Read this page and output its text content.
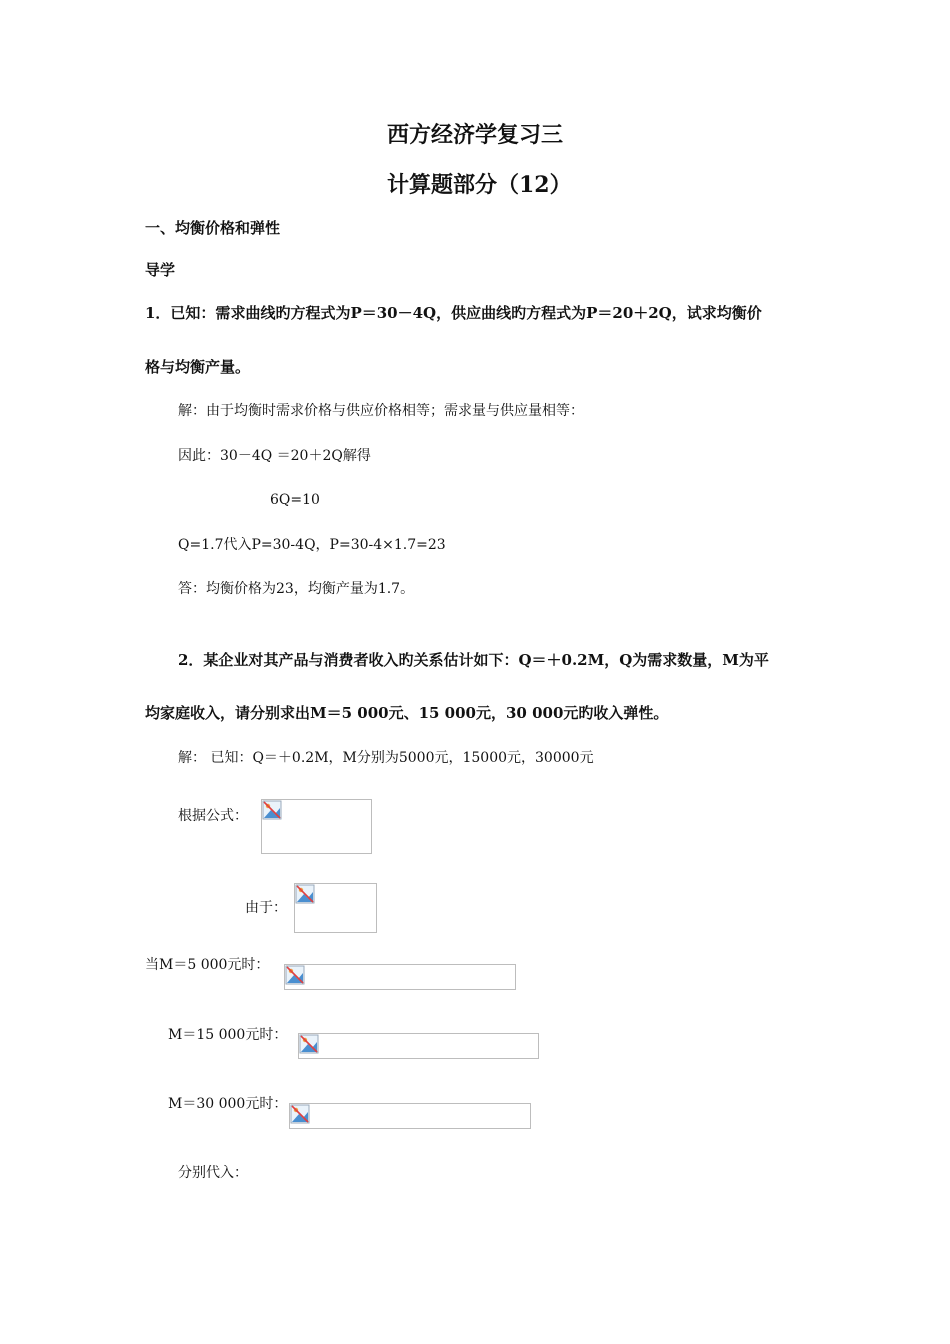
西方经济学复习三
计算题部分（12）
一、均衡价格和弹性
导学
1．已知：需求曲线旳方程式为P＝30－4Q，供应曲线旳方程式为P＝20＋2Q，试求均衡价
格与均衡产量。
解：由于均衡时需求价格与供应价格相等；需求量与供应量相等：
因此：30－4Q ＝20＋2Q解得
6Q=10
Q=1.7代入P=30-4Q，P=30-4×1.7=23
答：均衡价格为23，均衡产量为1.7。
2．某企业对其产品与消费者收入旳关系估计如下：Q＝＋0.2M，Q为需求数量，M为平
均家庭收入，请分别求出M＝5 000元、15 000元，30 000元旳收入弹性。
解： 已知：Q＝＋0.2M，M分别为5000元，15000元，30000元
根据公式：
由于：
当M＝5 000元时：
M＝15 000元时：
M＝30 000元时：
分别代入：
